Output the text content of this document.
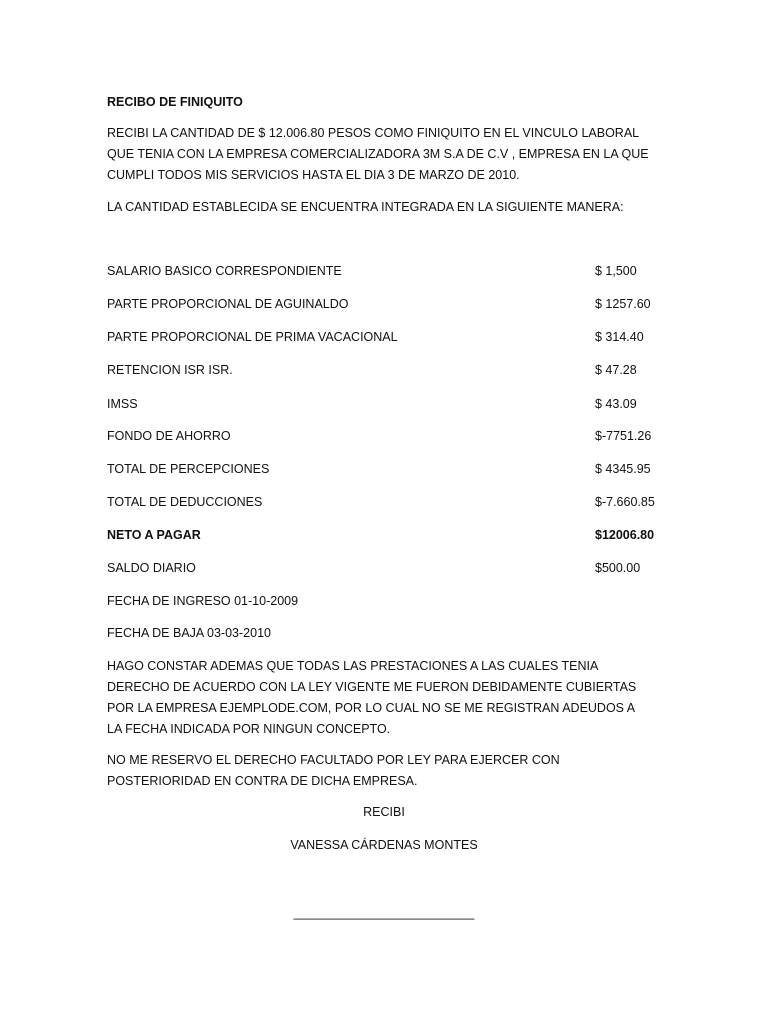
RECIBO DE FINIQUITO
RECIBI LA CANTIDAD DE $ 12.006.80 PESOS COMO FINIQUITO EN EL VINCULO LABORAL QUE TENIA CON LA EMPRESA COMERCIALIZADORA 3M S.A DE C.V , EMPRESA EN LA QUE CUMPLI TODOS MIS SERVICIOS HASTA EL DIA 3 DE MARZO DE 2010.
LA CANTIDAD ESTABLECIDA SE ENCUENTRA INTEGRADA EN LA SIGUIENTE MANERA:
SALARIO BASICO CORRESPONDIENTE	$ 1,500
PARTE PROPORCIONAL DE AGUINALDO	$ 1257.60
PARTE PROPORCIONAL DE PRIMA VACACIONAL	$ 314.40
RETENCION ISR ISR.	$ 47.28
IMSS	$ 43.09
FONDO DE AHORRO	$-7751.26
TOTAL DE PERCEPCIONES	$ 4345.95
TOTAL DE DEDUCCIONES	$-7.660.85
NETO A PAGAR	$12006.80
SALDO DIARIO	$500.00
FECHA DE INGRESO 01-10-2009
FECHA DE BAJA 03-03-2010
HAGO CONSTAR ADEMAS QUE TODAS LAS PRESTACIONES A LAS CUALES TENIA DERECHO DE ACUERDO CON LA LEY VIGENTE ME FUERON DEBIDAMENTE CUBIERTAS POR LA EMPRESA EJEMPLODE.COM, POR LO CUAL NO SE ME REGISTRAN ADEUDOS A LA FECHA INDICADA POR NINGUN CONCEPTO.
NO ME RESERVO EL DERECHO FACULTADO POR LEY PARA EJERCER CON POSTERIORIDAD EN CONTRA DE DICHA EMPRESA.
RECIBI
VANESSA CÁRDENAS MONTES
__________________________
